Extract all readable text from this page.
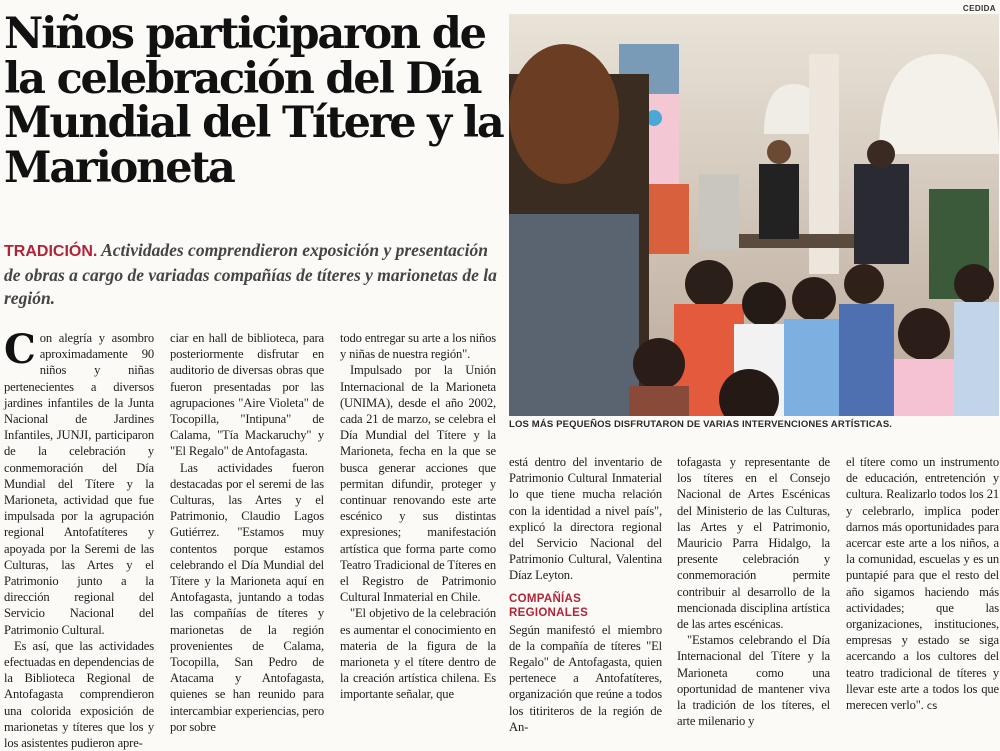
Niños participaron de la celebración del Día Mundial del Títere y la Marioneta

TRADICIÓN. Actividades comprendieron exposición y presentación de obras a cargo de variadas compañías de títeres y marionetas de la región.

CEDIDA

LOS MÁS PEQUEÑOS DISFRUTARON DE VARIAS INTERVENCIONES ARTÍSTICAS.

Con alegría y asombro aproximadamente 90 niños y niñas pertenecientes a diversos jardines infantiles de la Junta Nacional de Jardines Infantiles, JUNJI, participaron de la celebración y conmemoración del Día Mundial del Títere y la Marioneta, actividad que fue impulsada por la agrupación regional Antofatíteres y apoyada por la Seremi de las Culturas, las Artes y el Patrimonio junto a la dirección regional del Servicio Nacional del Patrimonio Cultural.

Es así, que las actividades efectuadas en dependencias de la Biblioteca Regional de Antofagasta comprendieron una colorida exposición de marionetas y títeres que los y los asistentes pudieron apre-

ciar en hall de biblioteca, para posteriormente disfrutar en auditorio de diversas obras que fueron presentadas por las agrupaciones "Aire Violeta" de Tocopilla, "Intipuna" de Calama, "Tía Mackaruchy" y "El Regalo" de Antofagasta.

Las actividades fueron destacadas por el seremi de las Culturas, las Artes y el Patrimonio, Claudio Lagos Gutiérrez. "Estamos muy contentos porque estamos celebrando el Día Mundial del Títere y la Marioneta aquí en Antofagasta, juntando a todas las compañías de títeres y marionetas de la región provenientes de Calama, Tocopilla, San Pedro de Atacama y Antofagasta, quienes se han reunido para intercambiar experiencias, pero por sobre

todo entregar su arte a los niños y niñas de nuestra región".

Impulsado por la Unión Internacional de la Marioneta (UNIMA), desde el año 2002, cada 21 de marzo, se celebra el Día Mundial del Títere y la Marioneta, fecha en la que se busca generar acciones que permitan difundir, proteger y continuar renovando este arte escénico y sus distintas expresiones; manifestación artística que forma parte como Teatro Tradicional de Títeres en el Registro de Patrimonio Cultural Inmaterial en Chile.

"El objetivo de la celebración es aumentar el conocimiento en materia de la figura de la marioneta y el títere dentro de la creación artística chilena. Es importante señalar, que

está dentro del inventario de Patrimonio Cultural Inmaterial lo que tiene mucha relación con la identidad a nivel país", explicó la directora regional del Servicio Nacional del Patrimonio Cultural, Valentina Díaz Leyton.

COMPAÑÍAS REGIONALES

Según manifestó el miembro de la compañía de títeres "El Regalo" de Antofagasta, quien pertenece a Antofatíteres, organización que reúne a todos los titiriteros de la región de An-

tofagasta y representante de los títeres en el Consejo Nacional de Artes Escénicas del Ministerio de las Culturas, las Artes y el Patrimonio, Mauricio Parra Hidalgo, la presente celebración y conmemoración permite contribuir al desarrollo de la mencionada disciplina artística de las artes escénicas.

"Estamos celebrando el Día Internacional del Títere y la Marioneta como una oportunidad de mantener viva la tradición de los títeres, el arte milenario y

el títere como un instrumento de educación, entretención y cultura. Realizarlo todos los 21 y celebrarlo, implica poder darnos más oportunidades para acercar este arte a los niños, a la comunidad, escuelas y es un puntapié para que el resto del año sigamos haciendo más actividades; que las organizaciones, instituciones, empresas y estado se siga acercando a los cultores del teatro tradicional de títeres y llevar este arte a todos los que merecen verlo". cs
